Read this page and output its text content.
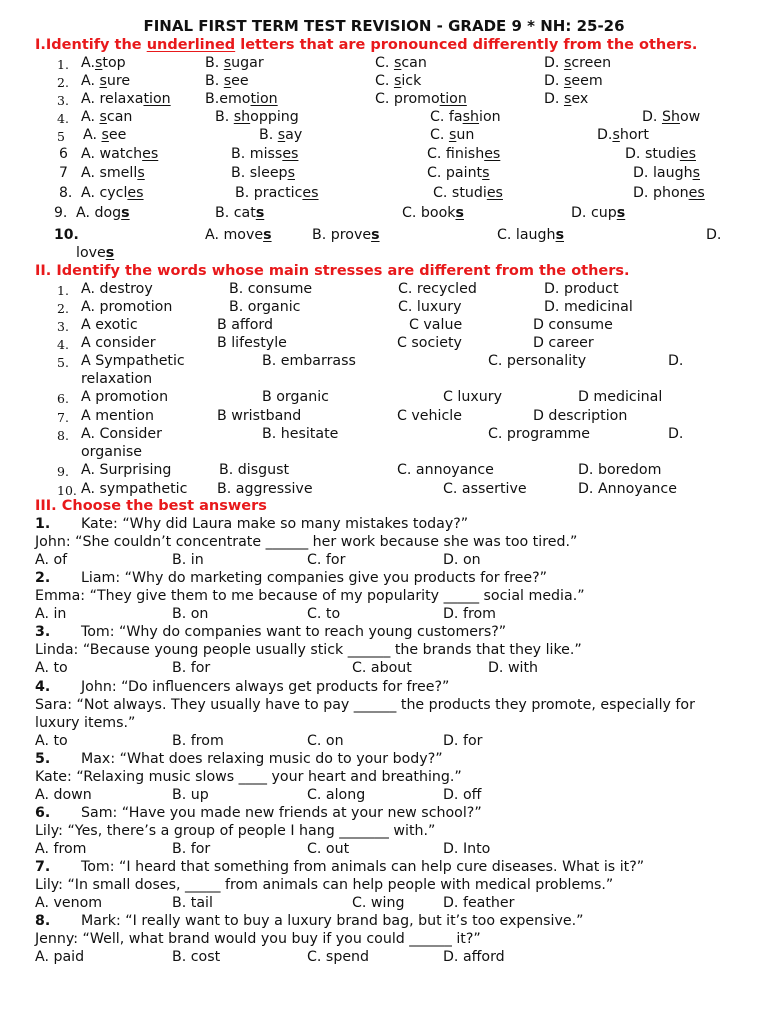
FINAL FIRST TERM TEST REVISION - GRADE 9 * NH: 25-26
I.Identify the underlined letters that are pronounced differently from the others.
1. A.stop	B. sugar	C. scan	D. screen
2. A. sure	B. see	C. sick	D. seem
3. A. relaxation B.emotion	C. promotion	D. sex
4. A. scan	B. shopping	C. fashion	D. Show
5 A. see	B. say	C. sun	D.short
6 A. watches	B. misses	C. finishes	D. studies
7 A. smells	B. sleeps	C. paints	D. laughs
8. A. cycles	B. practices	C. studies	D. phones
9. A. dogs	B. cats	C. books	D. cups
10.	A. moves	B. proves	C. laughs	D.
loves
II. Identify the words whose main stresses are different from the others.
1. A. destroy	B. consume	C. recycled	D. product
2. A. promotion	B. organic	C. luxury	D. medicinal
3. A exotic	B afford	C value	D consume
4. A consider	B lifestyle	C society	D career
5. A Sympathetic	B. embarrass	C. personality	D.
relaxation
6. A promotion	B organic	C luxury	D medicinal
7. A mention	B wristband	C vehicle	D description
8. A. Consider	B. hesitate	C. programme	D.
organise
9. A. Surprising	B. disgust	C. annoyance	D. boredom
10. A. sympathetic B. aggressive	C. assertive	D. Annoyance
III. Choose the best answers
1. Kate: “Why did Laura make so many mistakes today?”
John: “She couldn’t concentrate ______ her work because she was too tired.”
A. of	B. in	C. for	D. on
2. Liam: “Why do marketing companies give you products for free?”
Emma: “They give them to me because of my popularity _____ social media.”
A. in	B. on	C. to	D. from
3. Tom: “Why do companies want to reach young customers?”
Linda: “Because young people usually stick ______ the brands that they like.”
A. to	B. for	C. about	D. with
4. John: “Do influencers always get products for free?”
Sara: “Not always. They usually have to pay ______ the products they promote, especially for
luxury items.”
A. to	B. from	C. on	D. for
5. Max: “What does relaxing music do to your body?”
Kate: “Relaxing music slows ____ your heart and breathing.”
A. down	B. up	C. along	D. off
6. Sam: “Have you made new friends at your new school?”
Lily: “Yes, there’s a group of people I hang _______ with.”
A. from	B. for	C. out	D. Into
7. Tom: “I heard that something from animals can help cure diseases. What is it?”
Lily: “In small doses, _____ from animals can help people with medical problems.”
A. venom	B. tail	C. wing	D. feather
8. Mark: “I really want to buy a luxury brand bag, but it’s too expensive.”
Jenny: “Well, what brand would you buy if you could ______ it?”
A. paid	B. cost	C. spend	D. afford
